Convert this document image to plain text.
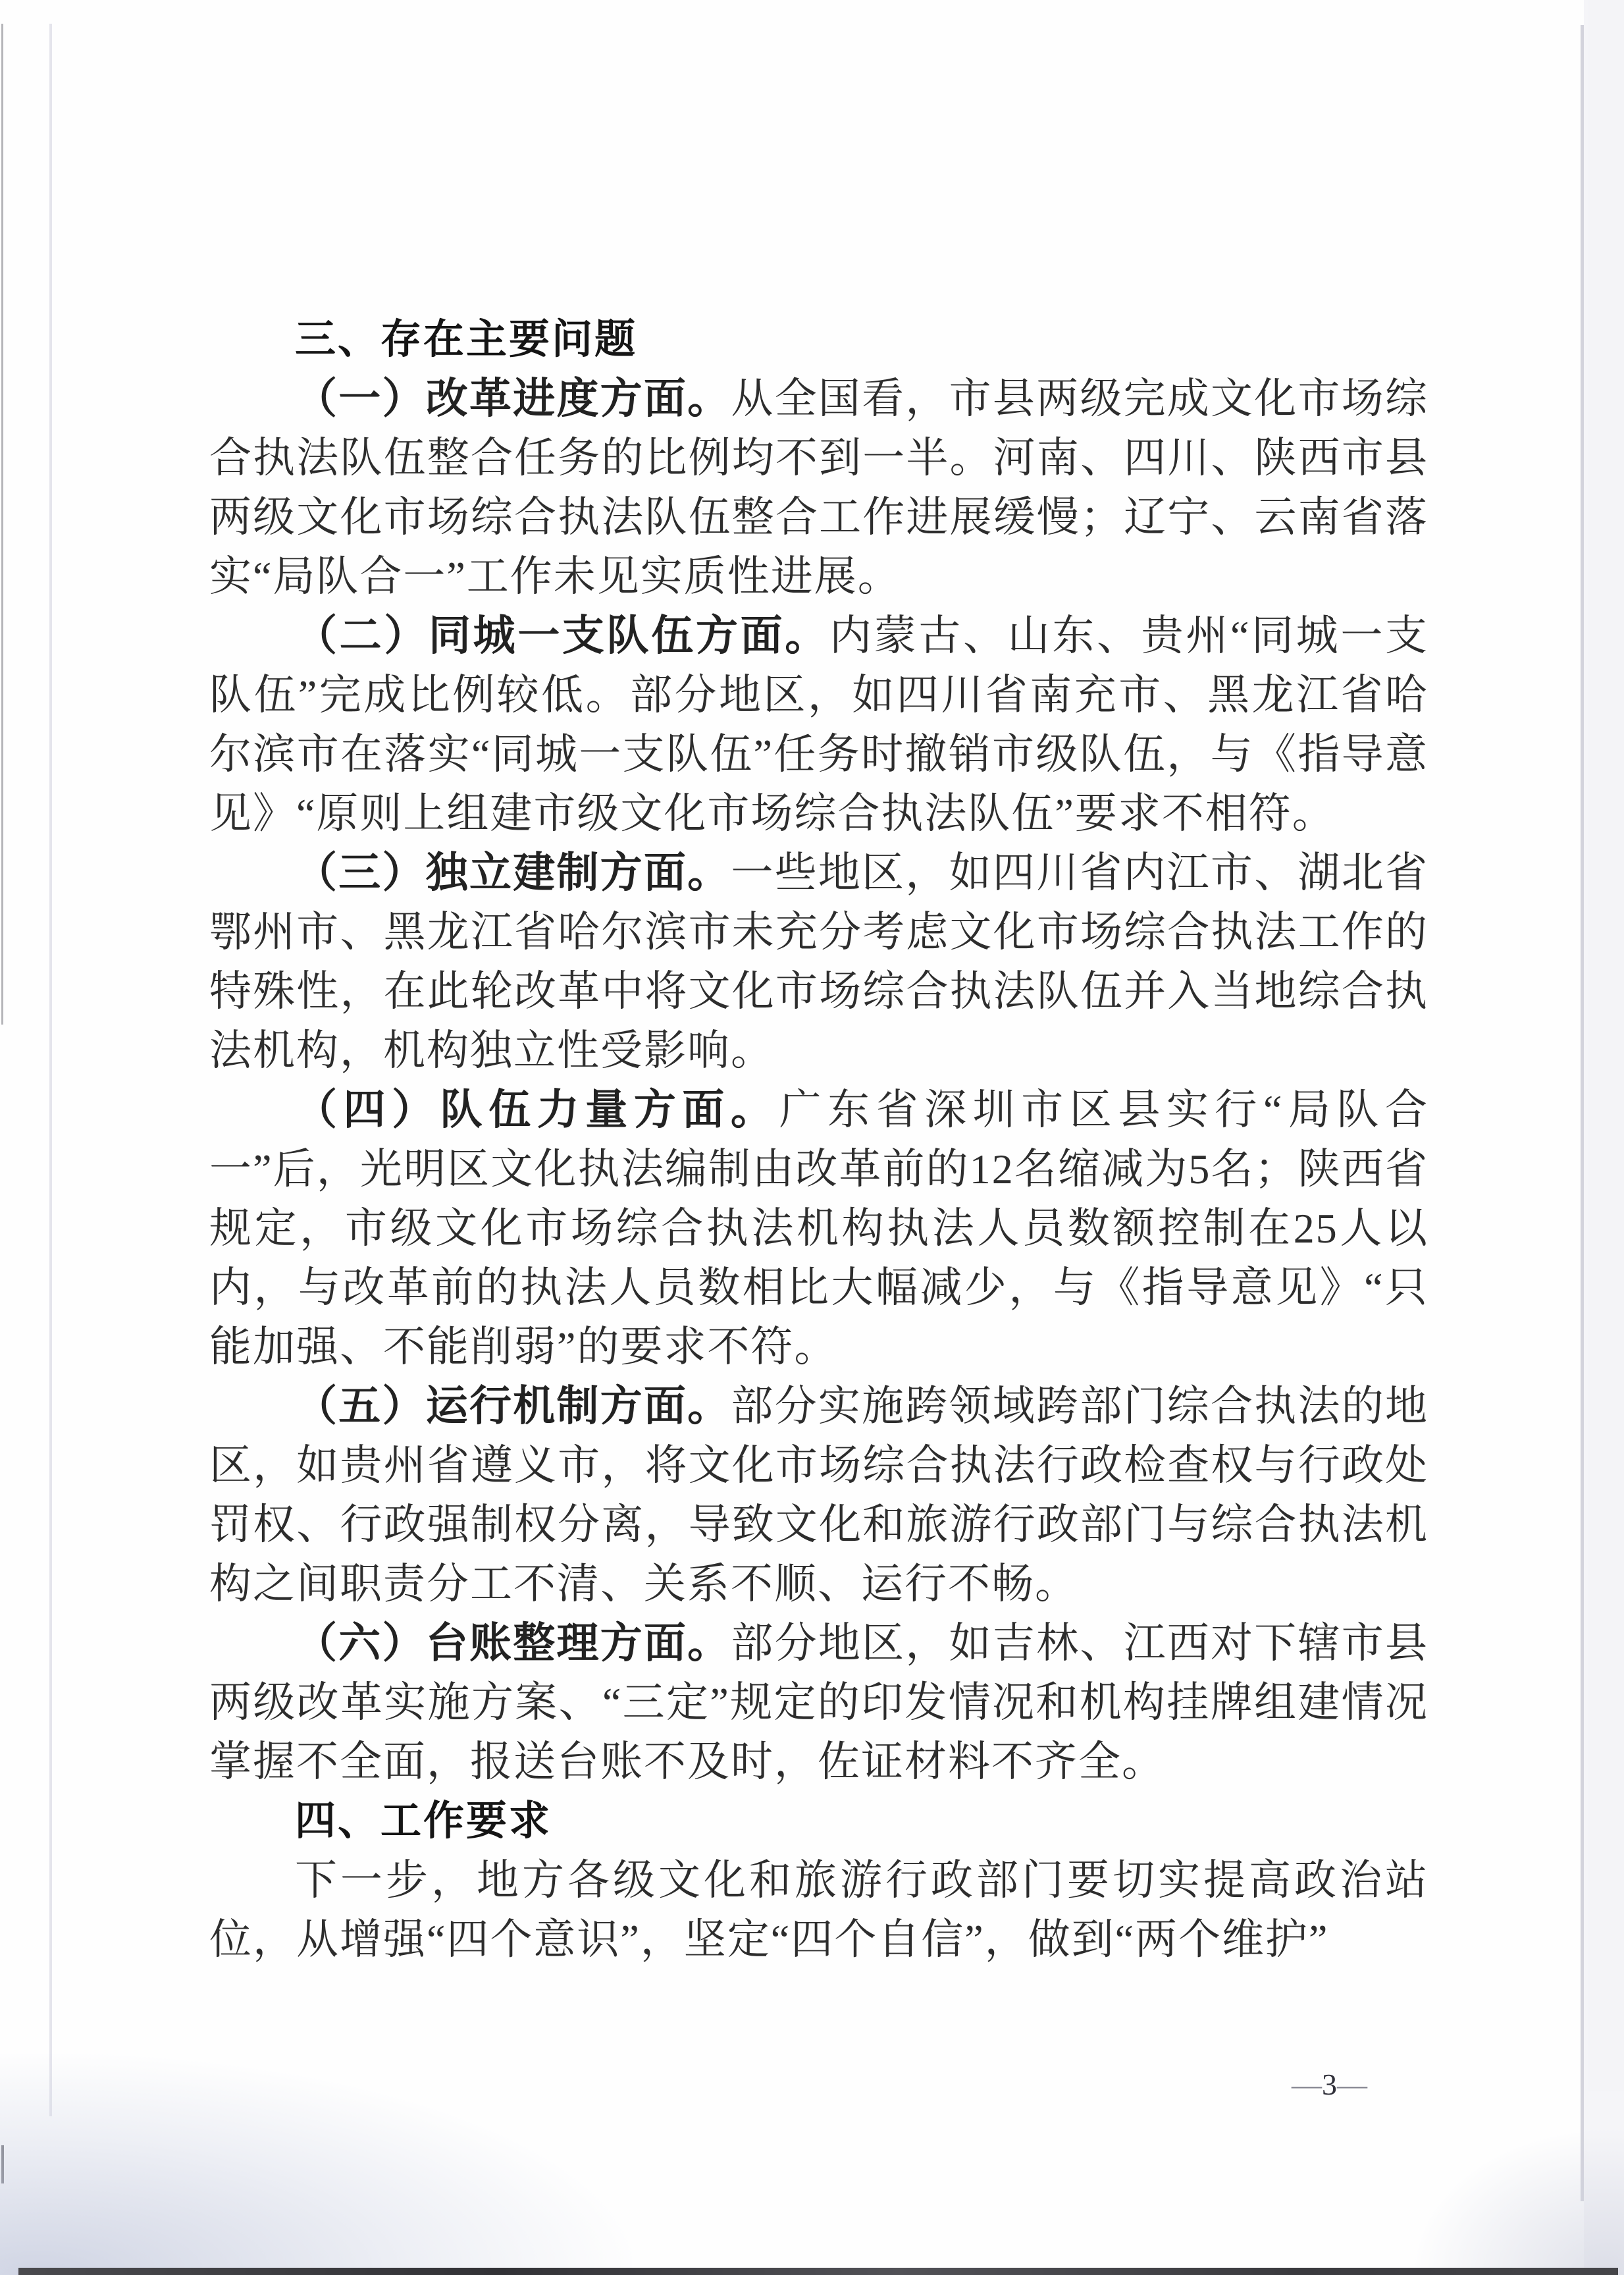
三、存在主要问题

（一）改革进度方面。从全国看，市县两级完成文化市场综合执法队伍整合任务的比例均不到一半。河南、四川、陕西市县两级文化市场综合执法队伍整合工作进展缓慢；辽宁、云南省落实“局队合一”工作未见实质性进展。

（二）同城一支队伍方面。内蒙古、山东、贵州“同城一支队伍”完成比例较低。部分地区，如四川省南充市、黑龙江省哈尔滨市在落实“同城一支队伍”任务时撤销市级队伍，与《指导意见》“原则上组建市级文化市场综合执法队伍”要求不相符。

（三）独立建制方面。一些地区，如四川省内江市、湖北省鄂州市、黑龙江省哈尔滨市未充分考虑文化市场综合执法工作的特殊性，在此轮改革中将文化市场综合执法队伍并入当地综合执法机构，机构独立性受影响。

（四）队伍力量方面。广东省深圳市区县实行“局队合一”后，光明区文化执法编制由改革前的12名缩减为5名；陕西省规定，市级文化市场综合执法机构执法人员数额控制在25人以内，与改革前的执法人员数相比大幅减少，与《指导意见》“只能加强、不能削弱”的要求不符。

（五）运行机制方面。部分实施跨领域跨部门综合执法的地区，如贵州省遵义市，将文化市场综合执法行政检查权与行政处罚权、行政强制权分离，导致文化和旅游行政部门与综合执法机构之间职责分工不清、关系不顺、运行不畅。

（六）台账整理方面。部分地区，如吉林、江西对下辖市县两级改革实施方案、“三定”规定的印发情况和机构挂牌组建情况掌握不全面，报送台账不及时，佐证材料不齐全。

四、工作要求

下一步，地方各级文化和旅游行政部门要切实提高政治站位，从增强“四个意识”，坚定“四个自信”，做到“两个维护”

—3—
